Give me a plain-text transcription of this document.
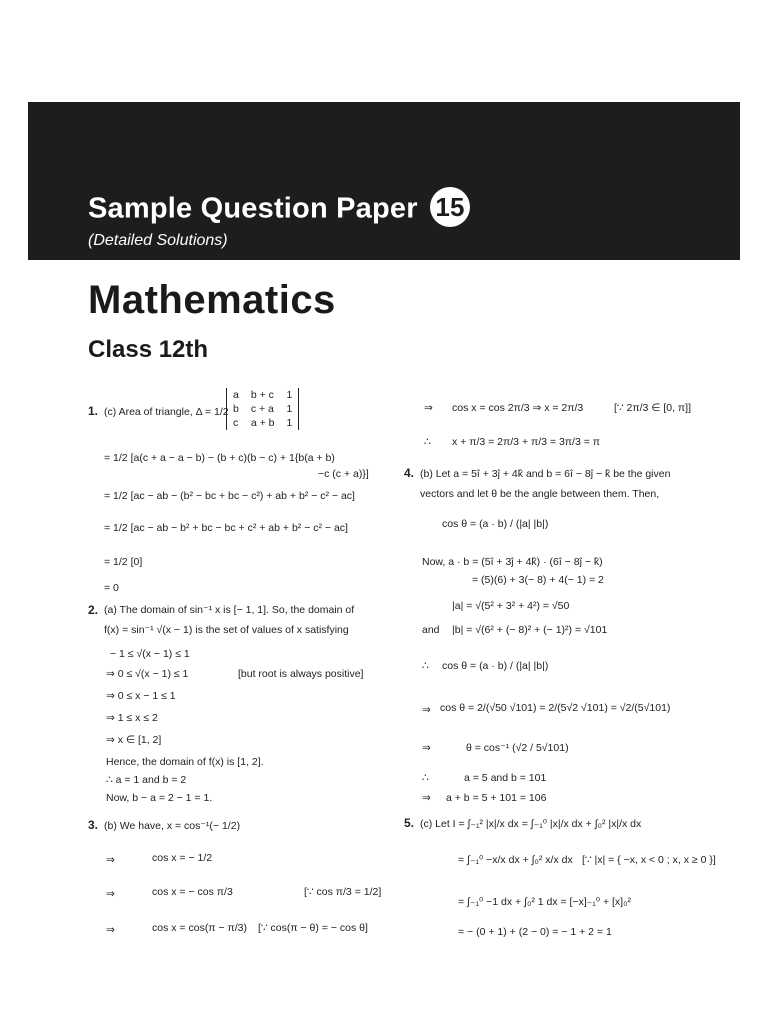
Sample Question Paper 15
(Detailed Solutions)
Mathematics
Class 12th
a	b + c	1
b	c + a	1
c	a + b	1
1. (c) Area of triangle, Δ = 1/2
= 1/2 [a(c + a − a − b) − (b + c)(b − c) + 1{b(a + b)
−c (c + a)}]
= 1/2 [ac − ab − (b² − bc + bc − c²) + ab + b² − c² − ac]
= 1/2 [ac − ab − b² + bc − bc + c² + ab + b² − c² − ac]
= 1/2 [0]
= 0
2. (a) The domain of sin⁻¹ x is [− 1, 1]. So, the domain of
f(x) = sin⁻¹ √(x − 1) is the set of values of x satisfying
− 1 ≤ √(x − 1) ≤ 1
⇒ 0 ≤ √(x − 1) ≤ 1	[but root is always positive]
⇒ 0 ≤ x − 1 ≤ 1
⇒ 1 ≤ x ≤ 2
⇒ x ∈ [1, 2]
Hence, the domain of f(x) is [1, 2].
∴ a = 1 and b = 2
Now, b − a = 2 − 1 = 1.
3. (b) We have, x = cos⁻¹(− 1/2)
⇒	cos x = − 1/2
⇒	cos x = − cos π/3	[∵ cos π/3 = 1/2]
⇒	cos x = cos(π − π/3) [∵ cos(π − θ) = − cos θ]
⇒ cos x = cos 2π/3 ⇒ x = 2π/3	[∵ 2π/3 ∈ [0, π]]
∴ x + π/3 = 2π/3 + π/3 = 3π/3 = π
4. (b) Let a = 5î + 3ĵ + 4k̂ and b = 6î − 8ĵ − k̂ be the given
vectors and let θ be the angle between them. Then,
cos θ = (a · b) / (|a| |b|)
Now, a · b = (5î + 3ĵ + 4k̂) · (6î − 8ĵ − k̂)
= (5)(6) + 3(− 8) + 4(− 1) = 2
|a| = √(5² + 3² + 4²) = √50
and |b| = √(6² + (− 8)² + (− 1)²) = √101
∴ cos θ = (a · b) / (|a| |b|)
⇒ cos θ = 2/(√50 √101) = 2/(5√2 √101) = √2/(5√101)
⇒	θ = cos⁻¹ (√2 / 5√101)
∴	a = 5 and b = 101
⇒ a + b = 5 + 101 = 106
5. (c) Let I = ∫₋₁² |x|/x dx = ∫₋₁⁰ |x|/x dx + ∫₀² |x|/x dx
= ∫₋₁⁰ −x/x dx + ∫₀² x/x dx [∵ |x| = { −x, x < 0 ; x, x ≥ 0 }]
= ∫₋₁⁰ −1 dx + ∫₀² 1 dx = [−x]₋₁⁰ + [x]₀²
= − (0 + 1) + (2 − 0) = − 1 + 2 = 1
